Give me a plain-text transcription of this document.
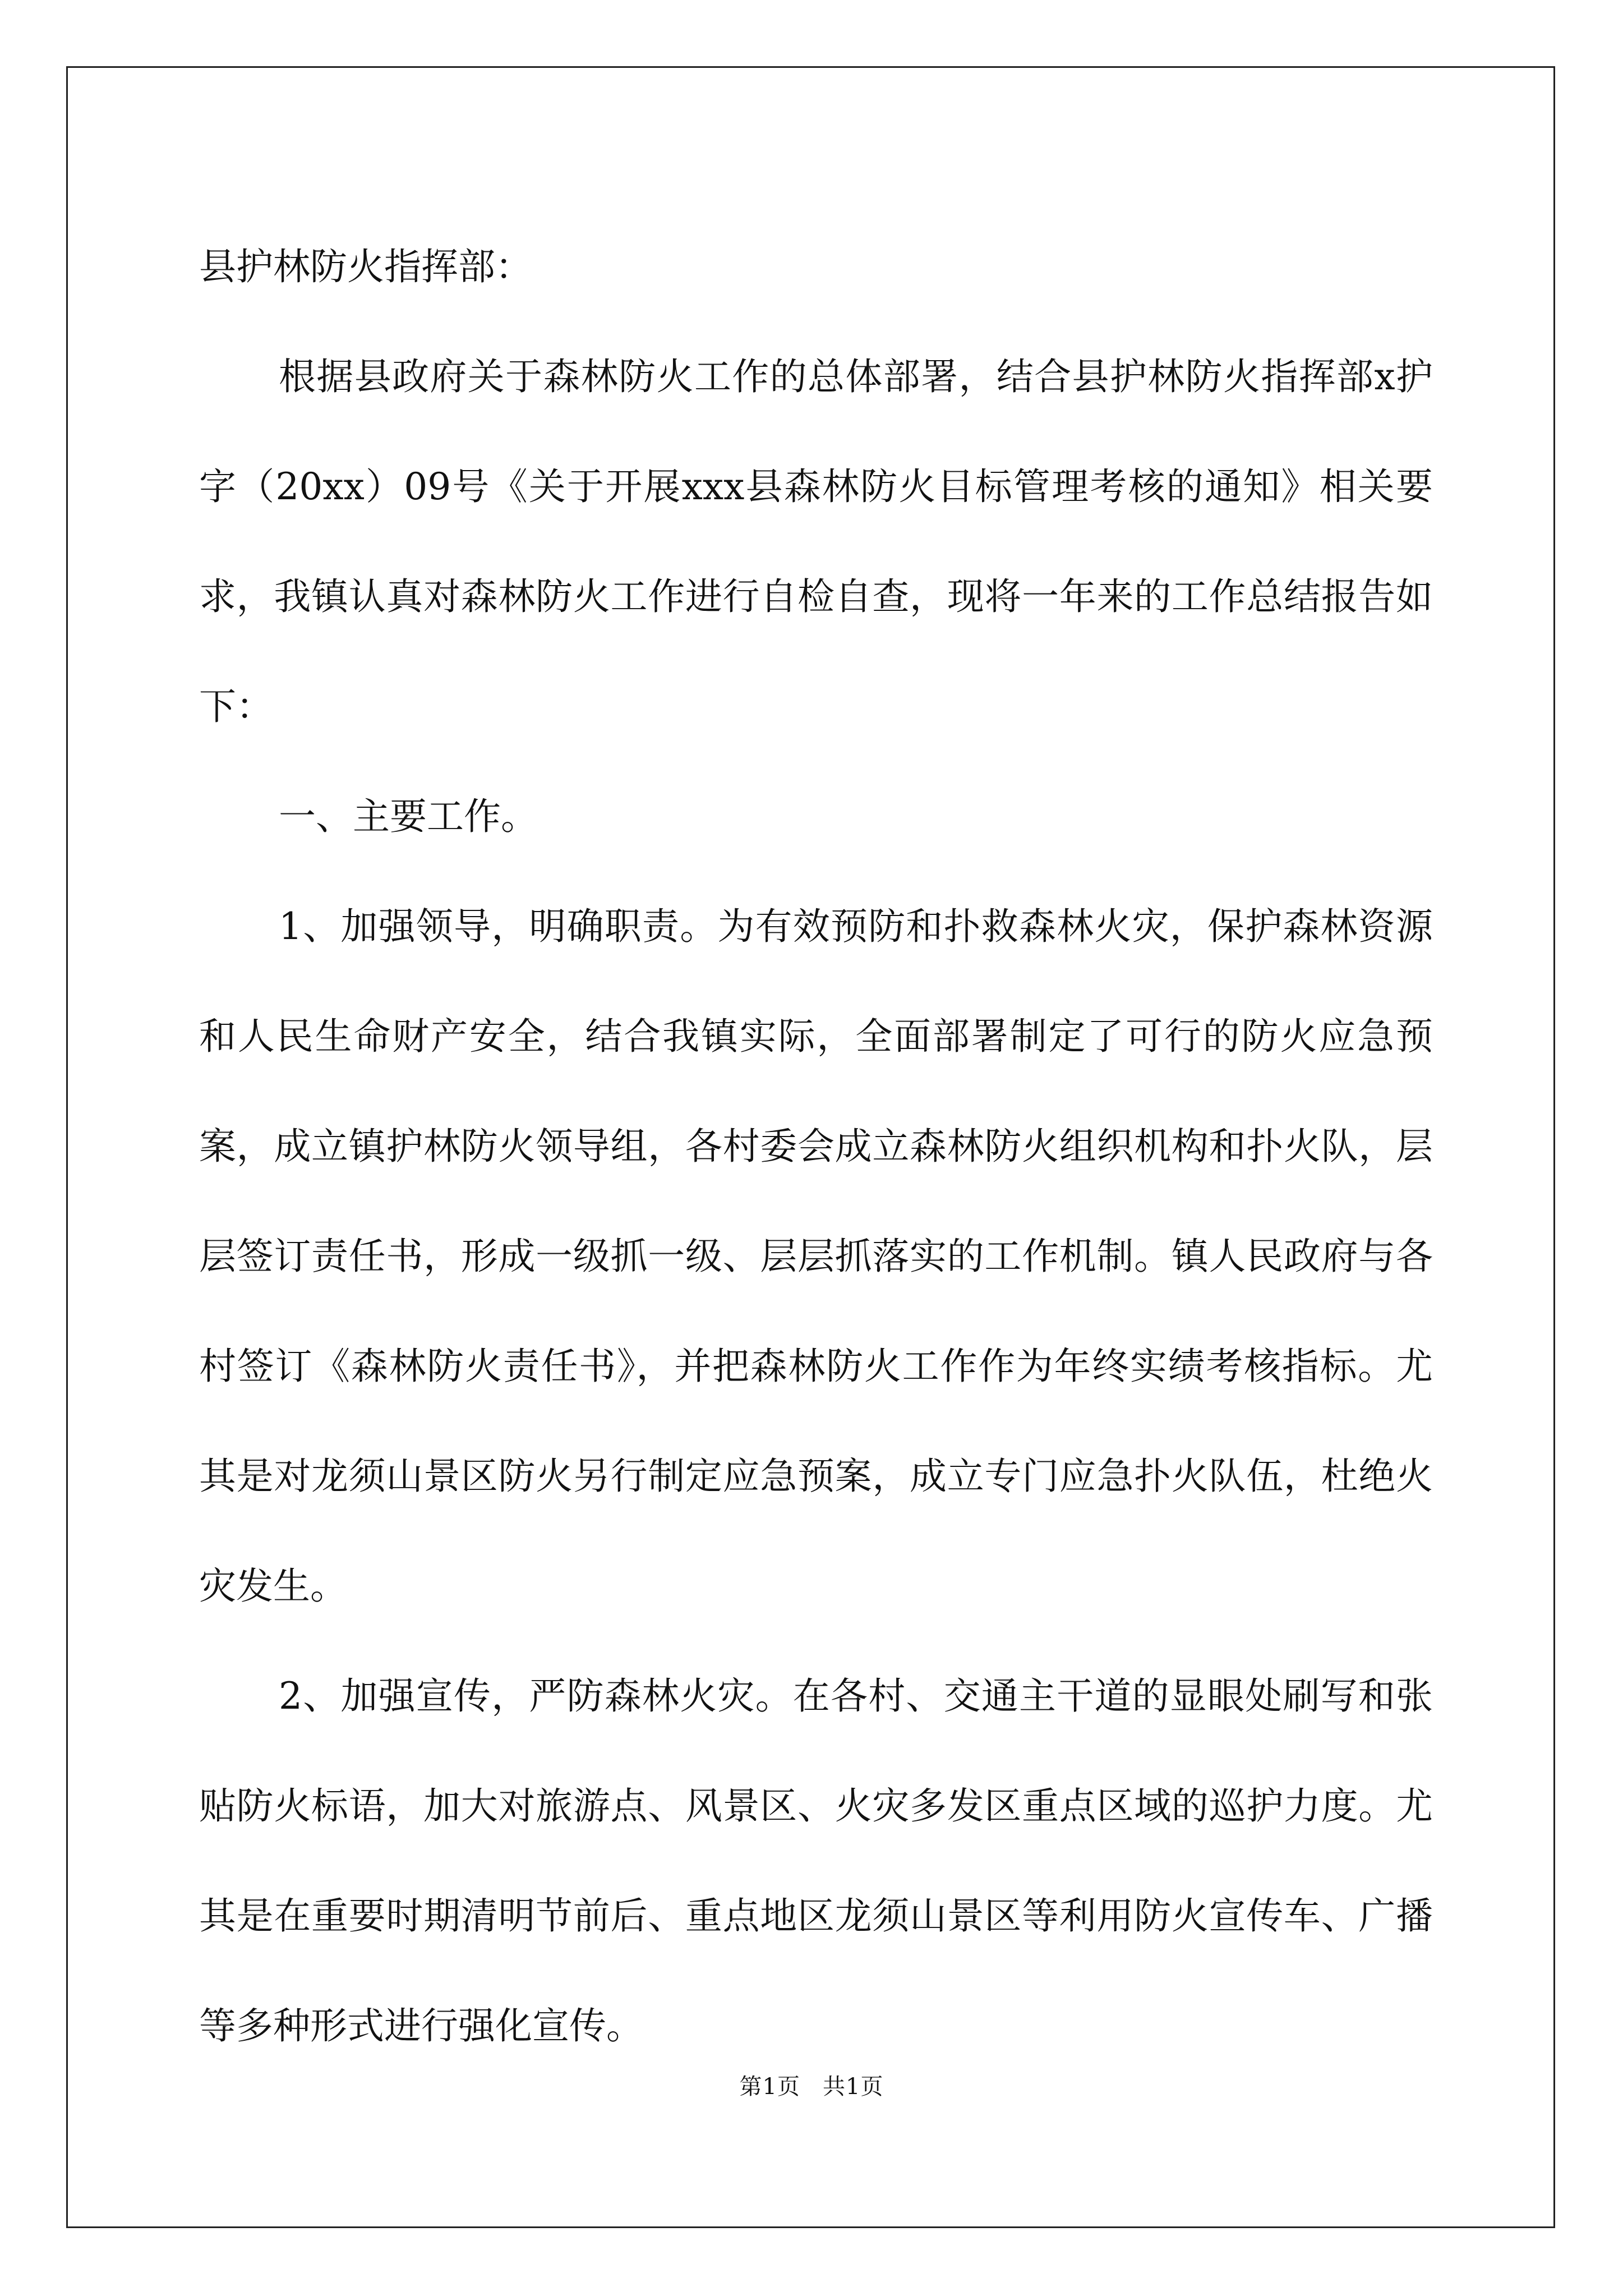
县护林防火指挥部：

根据县政府关于森林防火工作的总体部署，结合县护林防火指挥部x护字（20xx）09号《关于开展xxx县森林防火目标管理考核的通知》相关要求，我镇认真对森林防火工作进行自检自查，现将一年来的工作总结报告如下：

一、主要工作。

1、加强领导，明确职责。为有效预防和扑救森林火灾，保护森林资源和人民生命财产安全，结合我镇实际，全面部署制定了可行的防火应急预案，成立镇护林防火领导组，各村委会成立森林防火组织机构和扑火队，层层签订责任书，形成一级抓一级、层层抓落实的工作机制。镇人民政府与各村签订《森林防火责任书》，并把森林防火工作作为年终实绩考核指标。尤其是对龙须山景区防火另行制定应急预案，成立专门应急扑火队伍，杜绝火灾发生。

2、加强宣传，严防森林火灾。在各村、交通主干道的显眼处刷写和张贴防火标语，加大对旅游点、风景区、火灾多发区重点区域的巡护力度。尤其是在重要时期清明节前后、重点地区龙须山景区等利用防火宣传车、广播等多种形式进行强化宣传。

第1页 共1页
